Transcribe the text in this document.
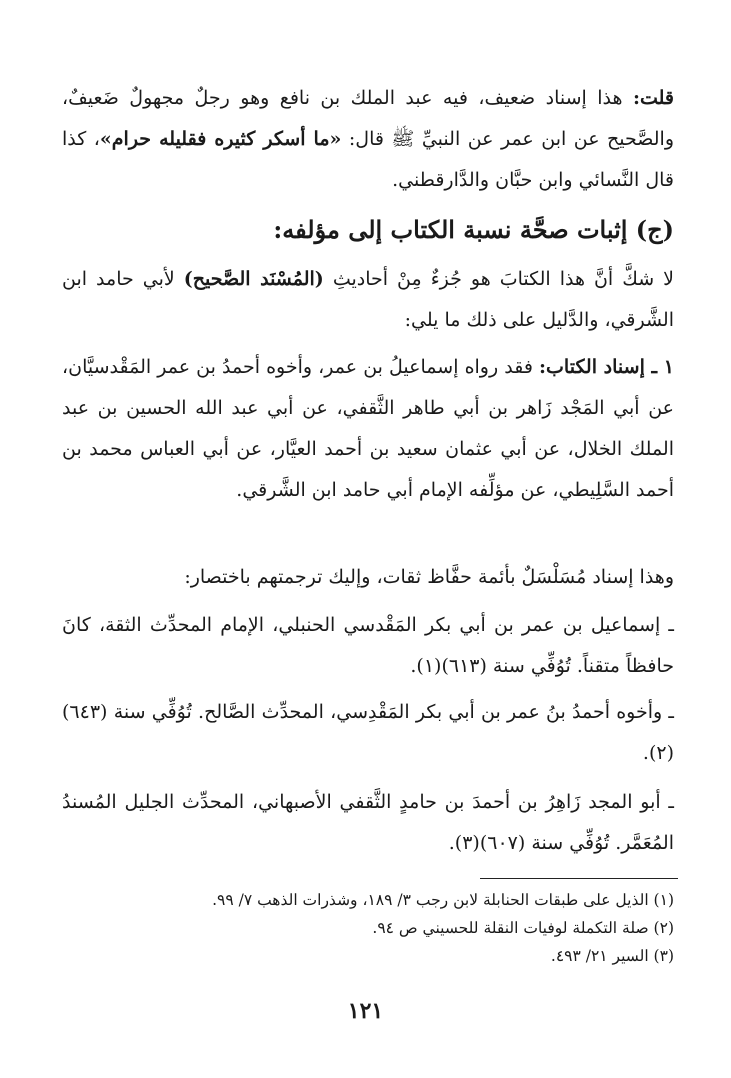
قلت: هذا إسناد ضعيف، فيه عبد الملك بن نافع وهو رجلٌ مجهولٌ ضَعيفٌ، والصَّحيح عن ابن عمر عن النبيِّ ﷺ قال: «ما أسكر كثيره فقليله حرام»، كذا قال النَّسائي وابن حبَّان والدَّارقطني.

(ج) إثبات صحَّة نسبة الكتاب إلى مؤلفه:

لا شكَّ أنَّ هذا الكتابَ هو جُزءٌ مِنْ أحاديثِ (المُسْنَد الصَّحيح) لأبي حامد ابن الشَّرقي، والدَّليل على ذلك ما يلي:

١ ـ إسناد الكتاب: فقد رواه إسماعيلُ بن عمر، وأخوه أحمدُ بن عمر المَقْدسيَّان، عن أبي المَجْد زَاهر بن أبي طاهر الثَّقفي، عن أبي عبد الله الحسين بن عبد الملك الخلال، عن أبي عثمان سعيد بن أحمد العيَّار، عن أبي العباس محمد بن أحمد السَّلِيطي، عن مؤلِّفه الإمام أبي حامد ابن الشَّرقي.

وهذا إسناد مُسَلْسَلٌ بأئمة حفَّاظ ثقات، وإليك ترجمتهم باختصار:

ـ إسماعيل بن عمر بن أبي بكر المَقْدسي الحنبلي، الإمام المحدِّث الثقة، كانَ حافظاً متقناً. تُوُفِّي سنة (٦١٣)(١).

ـ وأخوه أحمدُ بنُ عمر بن أبي بكر المَقْدِسي، المحدِّث الصَّالح. تُوُفِّي سنة (٦٤٣)(٢).

ـ أبو المجد زَاهِرُ بن أحمدَ بن حامدٍ الثَّقفي الأصبهاني، المحدِّث الجليل المُسندُ المُعَمَّر. تُوُفِّي سنة (٦٠٧)(٣).

(١) الذيل على طبقات الحنابلة لابن رجب ٣/ ١٨٩، وشذرات الذهب ٧/ ٩٩.

(٢) صلة التكملة لوفيات النقلة للحسيني ص ٩٤.

(٣) السير ٢١/ ٤٩٣.

١٢١
